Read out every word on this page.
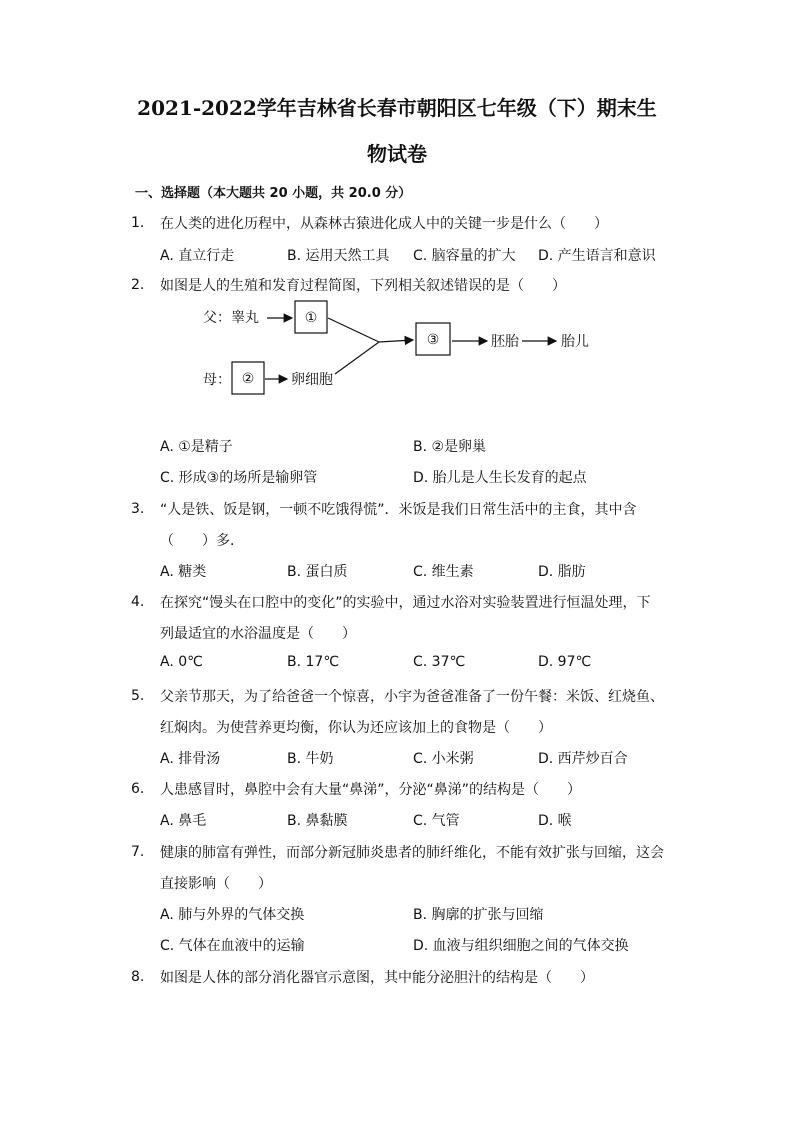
2021-2022学年吉林省长春市朝阳区七年级（下）期末生
物试卷
一、选择题（本大题共 20 小题，共 20.0 分）
1. 在人类的进化历程中，从森林古猿进化成人中的关键一步是什么（　　）
A. 直立行走	B. 运用天然工具 C. 脑容量的扩大 D. 产生语言和意识
2. 如图是人的生殖和发育过程简图，下列相关叙述错误的是（　　）
父：睾丸	①
母： ②	卵细胞
③	胚胎	胎儿
A. ①是精子	B. ②是卵巢
C. 形成③的场所是输卵管	D. 胎儿是人生长发育的起点
3. “人是铁、饭是钢，一顿不吃饿得慌”．米饭是我们日常生活中的主食，其中含
（　　）多．
A. 糖类	B. 蛋白质	C. 维生素	D. 脂肪
4. 在探究“馒头在口腔中的变化”的实验中，通过水浴对实验装置进行恒温处理，下
列最适宜的水浴温度是（　　）
A. 0℃	B. 17℃	C. 37℃	D. 97℃
5. 父亲节那天，为了给爸爸一个惊喜，小宇为爸爸准备了一份午餐：米饭、红烧鱼、
红焖肉。为使营养更均衡，你认为还应该加上的食物是（　　）
A. 排骨汤	B. 牛奶	C. 小米粥	D. 西芹炒百合
6. 人患感冒时，鼻腔中会有大量“鼻涕”，分泌“鼻涕”的结构是（　　）
A. 鼻毛	B. 鼻黏膜	C. 气管	D. 喉
7. 健康的肺富有弹性，而部分新冠肺炎患者的肺纤维化，不能有效扩张与回缩，这会
直接影响（　　）
A. 肺与外界的气体交换	B. 胸廓的扩张与回缩
C. 气体在血液中的运输	D. 血液与组织细胞之间的气体交换
8. 如图是人体的部分消化器官示意图，其中能分泌胆汁的结构是（　　）
